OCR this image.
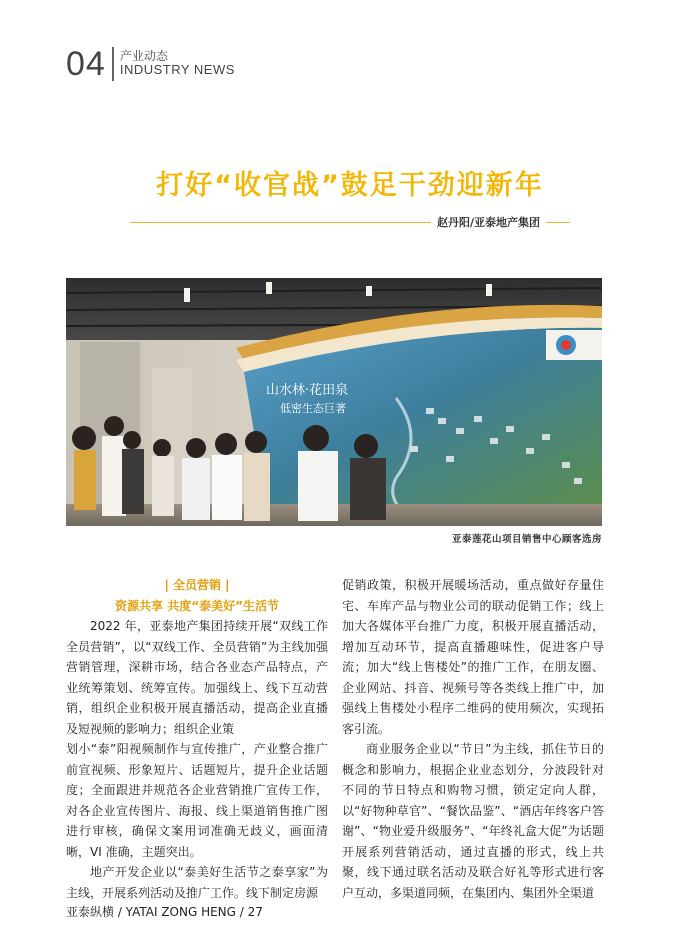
04 产业动态
INDUSTRY NEWS
打好“收官战”鼓足干劲迎新年
赵丹阳/亚泰地产集团
山水林·花田泉
低密生态巨著
亚泰莲花山项目销售中心顾客选房
| 全员营销 |
资源共享 共度“泰美好”生活节

2022 年，亚泰地产集团持续开展“双线工作全员营销”，以“双线工作、全员营销”为主线加强营销管理，深耕市场，结合各业态产品特点，产业统筹策划、统筹宣传。加强线上、线下互动营销，组织企业积极开展直播活动，提高企业直播及短视频的影响力；组织企业策

划小“泰”阳视频制作与宣传推广，产业整合推广前宣视频、形象短片、话题短片，提升企业话题度；全面跟进并规范各企业营销推广宣传工作，对各企业宣传图片、海报、线上渠道销售推广图进行审核，确保文案用词准确无歧义，画面清晰，VI 准确，主题突出。

地产开发企业以“泰美好生活节之泰享家”为主线，开展系列活动及推广工作。线下制定房源

促销政策，积极开展暖场活动，重点做好存量住宅、车库产品与物业公司的联动促销工作；线上加大各媒体平台推广力度，积极开展直播活动，增加互动环节，提高直播趣味性，促进客户导流；加大“线上售楼处”的推广工作，在朋友圈、企业网站、抖音、视频号等各类线上推广中，加强线上售楼处小程序二维码的使用频次，实现拓客引流。

商业服务企业以“节日”为主线，抓住节日的概念和影响力，根据企业业态划分，分波段针对不同的节日特点和购物习惯，锁定定向人群，以“好物种草官”、“餐饮品鉴”、“酒店年终客户答谢”、“物业爱升级服务”、“年终礼盒大促”为话题开展系列营销活动，通过直播的形式，线上共聚，线下通过联名活动及联合好礼等形式进行客户互动，多渠道同频，在集团内、集团外全渠道

亚泰纵横 / YATAI ZONG HENG / 27
